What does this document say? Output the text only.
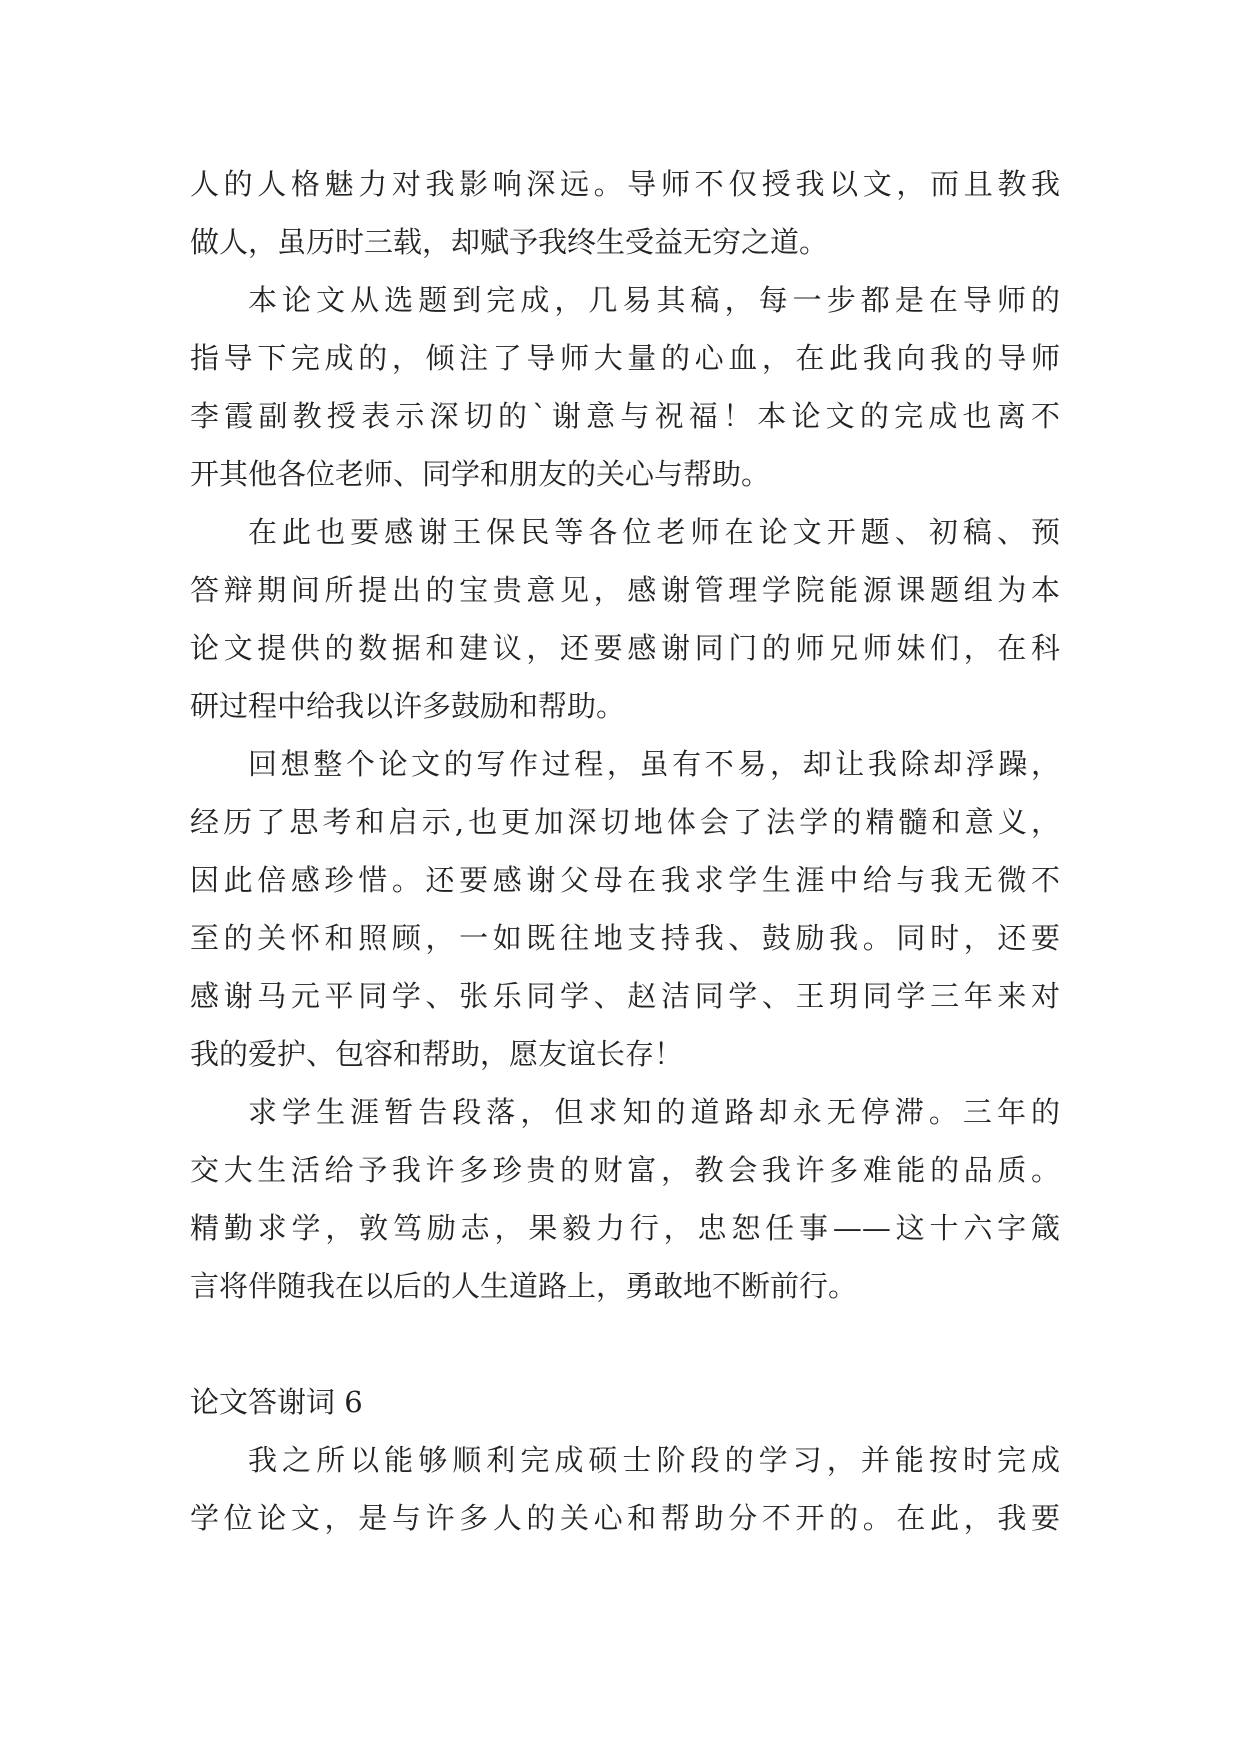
人的人格魅力对我影响深远。导师不仅授我以文，而且教我
做人，虽历时三载，却赋予我终生受益无穷之道。
本论文从选题到完成，几易其稿，每一步都是在导师的
指导下完成的，倾注了导师大量的心血，在此我向我的导师
李霞副教授表示深切的`谢意与祝福！本论文的完成也离不
开其他各位老师、同学和朋友的关心与帮助。
在此也要感谢王保民等各位老师在论文开题、初稿、预
答辩期间所提出的宝贵意见，感谢管理学院能源课题组为本
论文提供的数据和建议，还要感谢同门的师兄师妹们，在科
研过程中给我以许多鼓励和帮助。
回想整个论文的写作过程，虽有不易，却让我除却浮躁，
经历了思考和启示,也更加深切地体会了法学的精髓和意义，
因此倍感珍惜。还要感谢父母在我求学生涯中给与我无微不
至的关怀和照顾，一如既往地支持我、鼓励我。同时，还要
感谢马元平同学、张乐同学、赵洁同学、王玥同学三年来对
我的爱护、包容和帮助，愿友谊长存！
求学生涯暂告段落，但求知的道路却永无停滞。三年的
交大生活给予我许多珍贵的财富，教会我许多难能的品质。
精勤求学，敦笃励志，果毅力行，忠恕任事——这十六字箴
言将伴随我在以后的人生道路上，勇敢地不断前行。
论文答谢词 6
我之所以能够顺利完成硕士阶段的学习，并能按时完成
学位论文，是与许多人的关心和帮助分不开的。在此，我要
